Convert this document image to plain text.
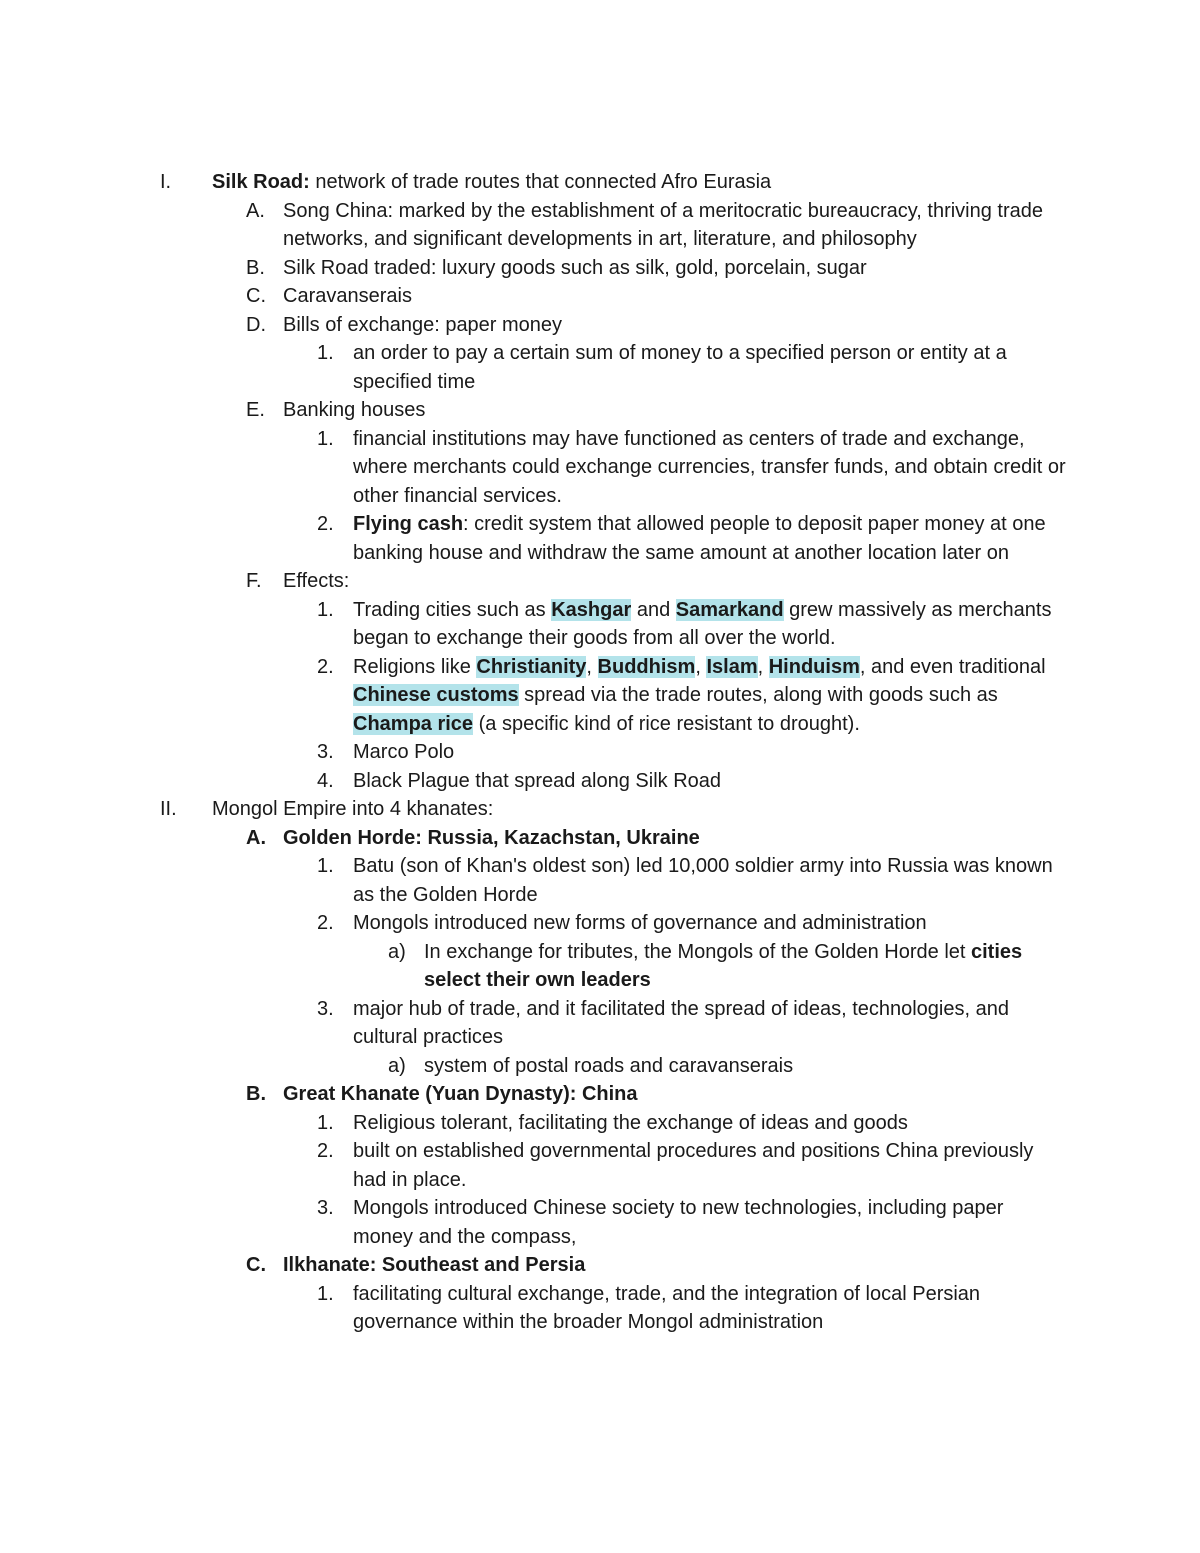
I. Silk Road: network of trade routes that connected Afro Eurasia
A. Song China: marked by the establishment of a meritocratic bureaucracy, thriving trade networks, and significant developments in art, literature, and philosophy
B. Silk Road traded: luxury goods such as silk, gold, porcelain, sugar
C. Caravanserais
D. Bills of exchange: paper money
1. an order to pay a certain sum of money to a specified person or entity at a specified time
E. Banking houses
1. financial institutions may have functioned as centers of trade and exchange, where merchants could exchange currencies, transfer funds, and obtain credit or other financial services.
2. Flying cash: credit system that allowed people to deposit paper money at one banking house and withdraw the same amount at another location later on
F. Effects:
1. Trading cities such as Kashgar and Samarkand grew massively as merchants began to exchange their goods from all over the world.
2. Religions like Christianity, Buddhism, Islam, Hinduism, and even traditional Chinese customs spread via the trade routes, along with goods such as Champa rice (a specific kind of rice resistant to drought).
3. Marco Polo
4. Black Plague that spread along Silk Road
II. Mongol Empire into 4 khanates:
A. Golden Horde: Russia, Kazachstan, Ukraine
1. Batu (son of Khan's oldest son) led 10,000 soldier army into Russia was known as the Golden Horde
2. Mongols introduced new forms of governance and administration
a) In exchange for tributes, the Mongols of the Golden Horde let cities select their own leaders
3. major hub of trade, and it facilitated the spread of ideas, technologies, and cultural practices
a) system of postal roads and caravanserais
B. Great Khanate (Yuan Dynasty): China
1. Religious tolerant, facilitating the exchange of ideas and goods
2. built on established governmental procedures and positions China previously had in place.
3. Mongols introduced Chinese society to new technologies, including paper money and the compass,
C. Ilkhanate: Southeast and Persia
1. facilitating cultural exchange, trade, and the integration of local Persian governance within the broader Mongol administration
